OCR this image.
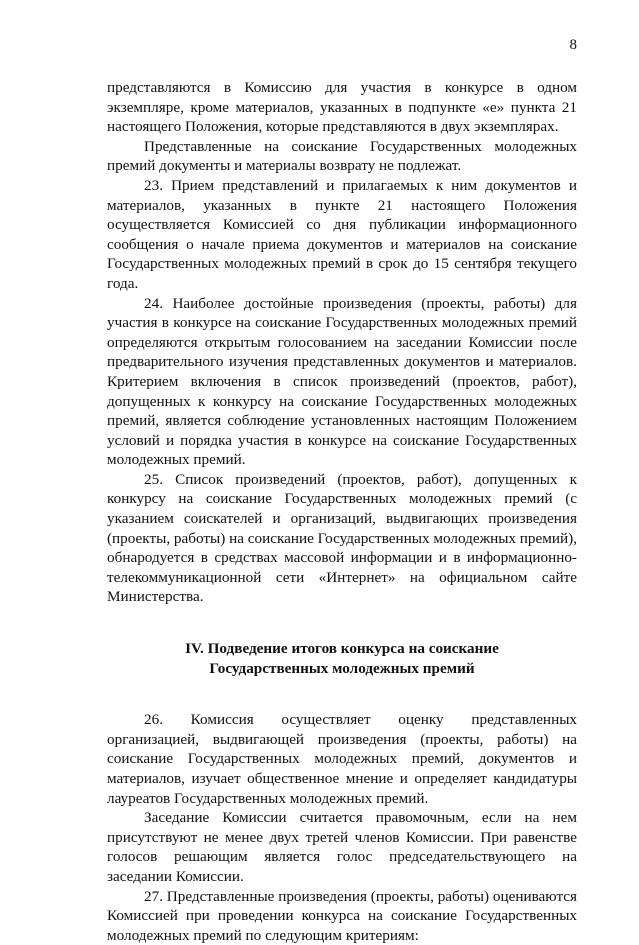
8

представляются в Комиссию для участия в конкурсе в одном экземпляре, кроме материалов, указанных в подпункте «е» пункта 21 настоящего Положения, которые представляются в двух экземплярах.

Представленные на соискание Государственных молодежных премий документы и материалы возврату не подлежат.

23. Прием представлений и прилагаемых к ним документов и материалов, указанных в пункте 21 настоящего Положения осуществляется Комиссией со дня публикации информационного сообщения о начале приема документов и материалов на соискание Государственных молодежных премий в срок до 15 сентября текущего года.

24. Наиболее достойные произведения (проекты, работы) для участия в конкурсе на соискание Государственных молодежных премий определяются открытым голосованием на заседании Комиссии после предварительного изучения представленных документов и материалов. Критерием включения в список произведений (проектов, работ), допущенных к конкурсу на соискание Государственных молодежных премий, является соблюдение установленных настоящим Положением условий и порядка участия в конкурсе на соискание Государственных молодежных премий.

25. Список произведений (проектов, работ), допущенных к конкурсу на соискание Государственных молодежных премий (с указанием соискателей и организаций, выдвигающих произведения (проекты, работы) на соискание Государственных молодежных премий), обнародуется в средствах массовой информации и в информационно-телекоммуникационной сети «Интернет» на официальном сайте Министерства.

IV. Подведение итогов конкурса на соискание
Государственных молодежных премий

26. Комиссия осуществляет оценку представленных организацией, выдвигающей произведения (проекты, работы) на соискание Государственных молодежных премий, документов и материалов, изучает общественное мнение и определяет кандидатуры лауреатов Государственных молодежных премий.

Заседание Комиссии считается правомочным, если на нем присутствуют не менее двух третей членов Комиссии. При равенстве голосов решающим является голос председательствующего на заседании Комиссии.

27. Представленные произведения (проекты, работы) оцениваются Комиссией при проведении конкурса на соискание Государственных молодежных премий по следующим критериям:
